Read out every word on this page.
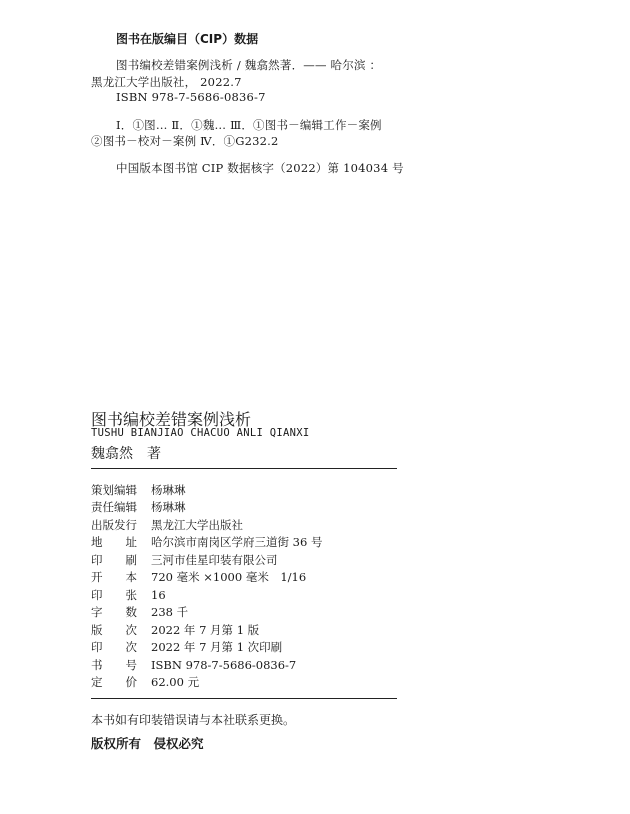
图书在版编目（CIP）数据
图书编校差错案例浅析 / 魏翕然著．—— 哈尔滨 ：
黑龙江大学出版社， 2022.7
ISBN 978-7-5686-0836-7
Ⅰ．①图… Ⅱ．①魏… Ⅲ．①图书－编辑工作－案例
②图书－校对－案例 Ⅳ．①G232.2
中国版本图书馆 CIP 数据核字（2022）第 104034 号
图书编校差错案例浅析
TUSHU BIANJIAO CHACUO ANLI QIANXI
魏翕然　著
策划编辑	杨琳琳
责任编辑	杨琳琳
出版发行	黑龙江大学出版社
地　　址	哈尔滨市南岗区学府三道街 36 号
印　　刷	三河市佳星印装有限公司
开　　本	720 毫米 ×1000 毫米　1/16
印　　张	16
字　　数	238 千
版　　次	2022 年 7 月第 1 版
印　　次	2022 年 7 月第 1 次印刷
书　　号	ISBN 978-7-5686-0836-7
定　　价	62.00 元
本书如有印装错误请与本社联系更换。
版权所有　侵权必究
